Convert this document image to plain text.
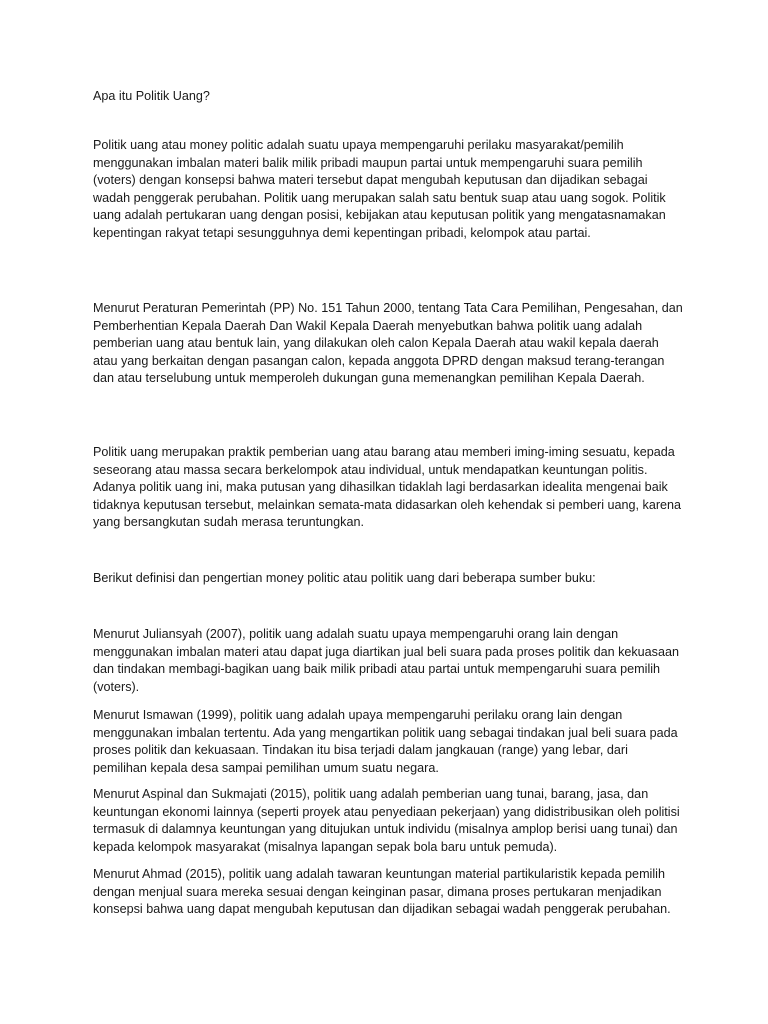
Apa itu Politik Uang?

Politik uang atau money politic adalah suatu upaya mempengaruhi perilaku masyarakat/pemilih menggunakan imbalan materi balik milik pribadi maupun partai untuk mempengaruhi suara pemilih (voters) dengan konsepsi bahwa materi tersebut dapat mengubah keputusan dan dijadikan sebagai wadah penggerak perubahan. Politik uang merupakan salah satu bentuk suap atau uang sogok. Politik uang adalah pertukaran uang dengan posisi, kebijakan atau keputusan politik yang mengatasnamakan kepentingan rakyat tetapi sesungguhnya demi kepentingan pribadi, kelompok atau partai.

Menurut Peraturan Pemerintah (PP) No. 151 Tahun 2000, tentang Tata Cara Pemilihan, Pengesahan, dan Pemberhentian Kepala Daerah Dan Wakil Kepala Daerah menyebutkan bahwa politik uang adalah pemberian uang atau bentuk lain, yang dilakukan oleh calon Kepala Daerah atau wakil kepala daerah atau yang berkaitan dengan pasangan calon, kepada anggota DPRD dengan maksud terang-terangan dan atau terselubung untuk memperoleh dukungan guna memenangkan pemilihan Kepala Daerah.

Politik uang merupakan praktik pemberian uang atau barang atau memberi iming-iming sesuatu, kepada seseorang atau massa secara berkelompok atau individual, untuk mendapatkan keuntungan politis. Adanya politik uang ini, maka putusan yang dihasilkan tidaklah lagi berdasarkan idealita mengenai baik tidaknya keputusan tersebut, melainkan semata-mata didasarkan oleh kehendak si pemberi uang, karena yang bersangkutan sudah merasa teruntungkan.

Berikut definisi dan pengertian money politic atau politik uang dari beberapa sumber buku:

Menurut Juliansyah (2007), politik uang adalah suatu upaya mempengaruhi orang lain dengan menggunakan imbalan materi atau dapat juga diartikan jual beli suara pada proses politik dan kekuasaan dan tindakan membagi-bagikan uang baik milik pribadi atau partai untuk mempengaruhi suara pemilih (voters).

Menurut Ismawan (1999), politik uang adalah upaya mempengaruhi perilaku orang lain dengan menggunakan imbalan tertentu. Ada yang mengartikan politik uang sebagai tindakan jual beli suara pada proses politik dan kekuasaan. Tindakan itu bisa terjadi dalam jangkauan (range) yang lebar, dari pemilihan kepala desa sampai pemilihan umum suatu negara.

Menurut Aspinal dan Sukmajati (2015), politik uang adalah pemberian uang tunai, barang, jasa, dan keuntungan ekonomi lainnya (seperti proyek atau penyediaan pekerjaan) yang didistribusikan oleh politisi termasuk di dalamnya keuntungan yang ditujukan untuk individu (misalnya amplop berisi uang tunai) dan kepada kelompok masyarakat (misalnya lapangan sepak bola baru untuk pemuda).

Menurut Ahmad (2015), politik uang adalah tawaran keuntungan material partikularistik kepada pemilih dengan menjual suara mereka sesuai dengan keinginan pasar, dimana proses pertukaran menjadikan konsepsi bahwa uang dapat mengubah keputusan dan dijadikan sebagai wadah penggerak perubahan.
